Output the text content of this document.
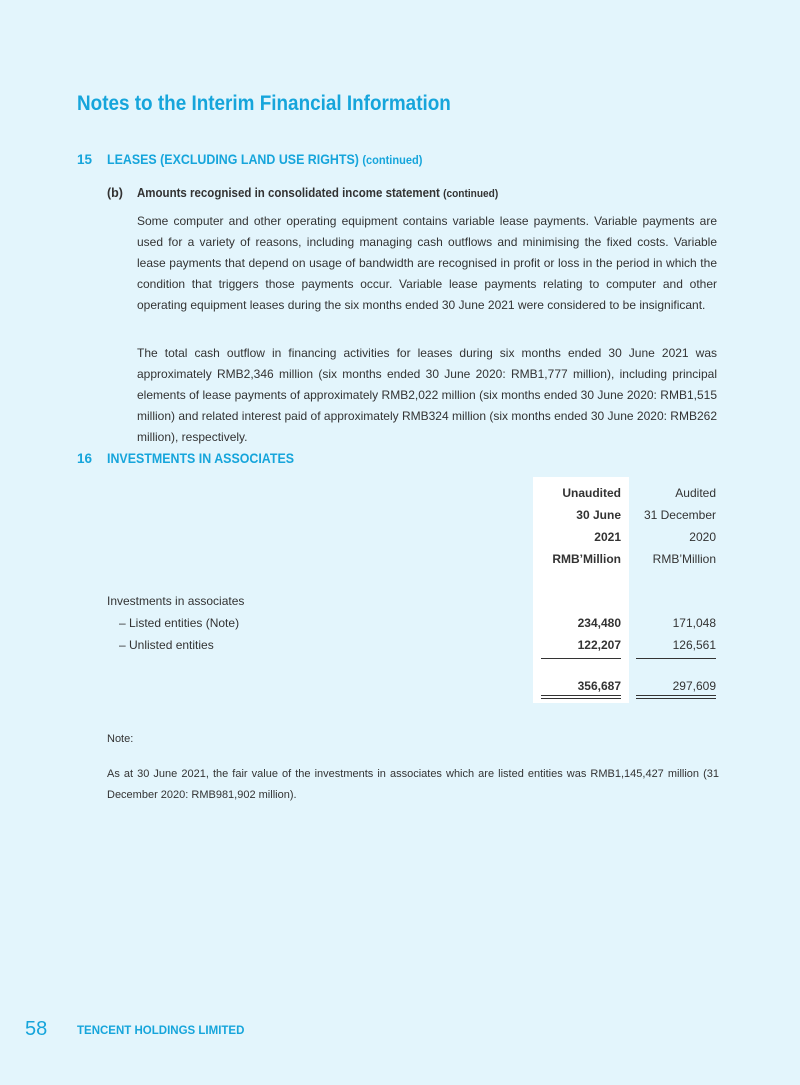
Notes to the Interim Financial Information
15 LEASES (EXCLUDING LAND USE RIGHTS) (continued)
(b) Amounts recognised in consolidated income statement (continued)
Some computer and other operating equipment contains variable lease payments. Variable payments are used for a variety of reasons, including managing cash outflows and minimising the fixed costs. Variable lease payments that depend on usage of bandwidth are recognised in profit or loss in the period in which the condition that triggers those payments occur. Variable lease payments relating to computer and other operating equipment leases during the six months ended 30 June 2021 were considered to be insignificant.
The total cash outflow in financing activities for leases during six months ended 30 June 2021 was approximately RMB2,346 million (six months ended 30 June 2020: RMB1,777 million), including principal elements of lease payments of approximately RMB2,022 million (six months ended 30 June 2020: RMB1,515 million) and related interest paid of approximately RMB324 million (six months ended 30 June 2020: RMB262 million), respectively.
16 INVESTMENTS IN ASSOCIATES
Unaudited
30 June
2021
RMB’Million
Audited
31 December
2020
RMB’Million
Investments in associates
– Listed entities (Note)	234,480	171,048
– Unlisted entities	122,207	126,561
356,687	297,609
Note:
As at 30 June 2021, the fair value of the investments in associates which are listed entities was RMB1,145,427 million (31 December 2020: RMB981,902 million).
58	TENCENT HOLDINGS LIMITED
